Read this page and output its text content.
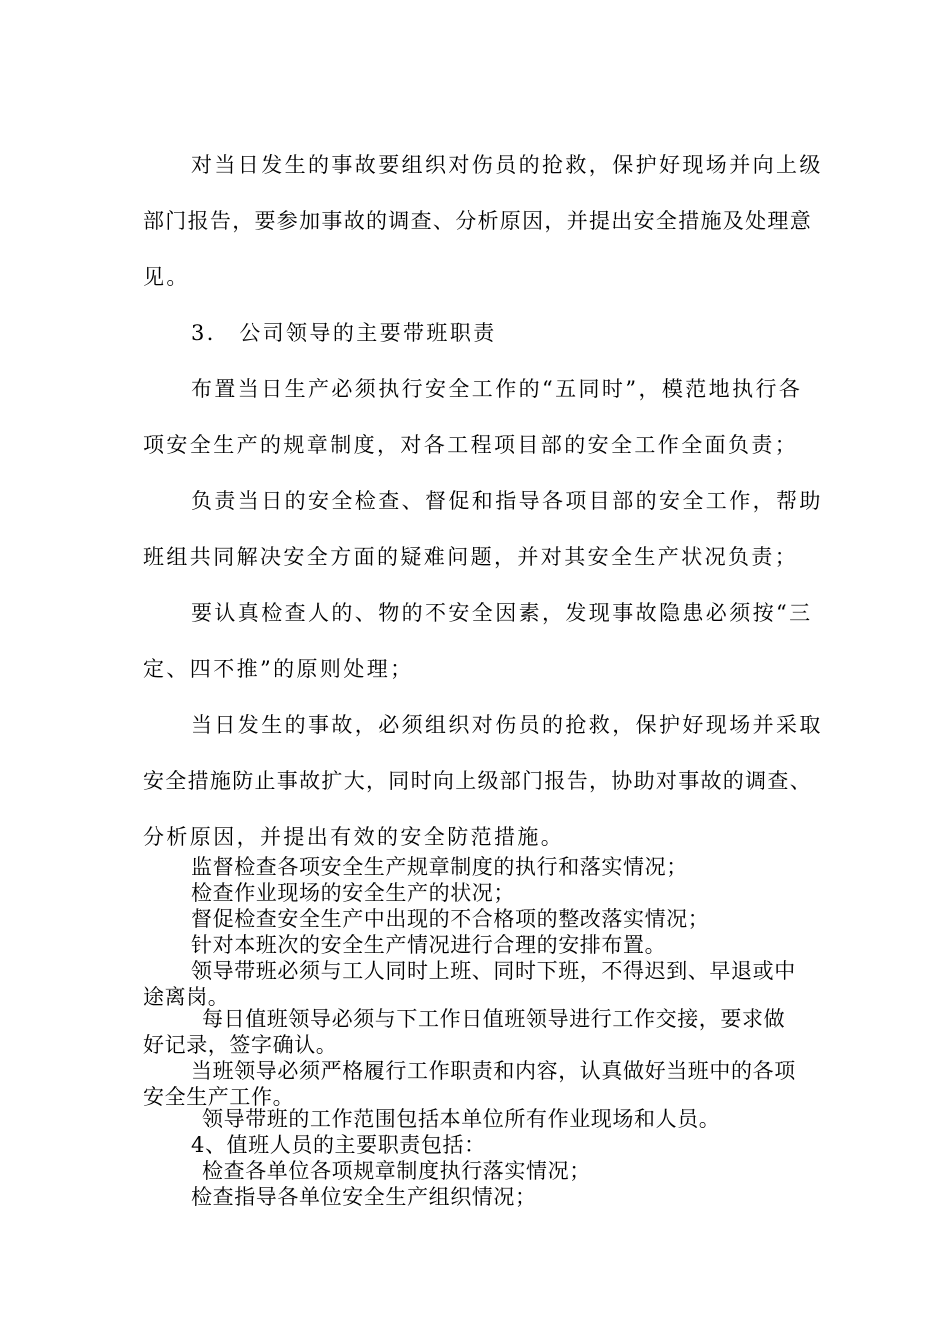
对当日发生的事故要组织对伤员的抢救，保护好现场并向上级

部门报告，要参加事故的调查、分析原因，并提出安全措施及处理意

见。

3． 公司领导的主要带班职责

布置当日生产必须执行安全工作的“五同时”，模范地执行各

项安全生产的规章制度，对各工程项目部的安全工作全面负责；

负责当日的安全检查、督促和指导各项目部的安全工作，帮助

班组共同解决安全方面的疑难问题，并对其安全生产状况负责；

要认真检查人的、物的不安全因素，发现事故隐患必须按“三

定、四不推”的原则处理；

当日发生的事故，必须组织对伤员的抢救，保护好现场并采取

安全措施防止事故扩大，同时向上级部门报告，协助对事故的调查、

分析原因，并提出有效的安全防范措施。

监督检查各项安全生产规章制度的执行和落实情况；

检查作业现场的安全生产的状况；

督促检查安全生产中出现的不合格项的整改落实情况；

针对本班次的安全生产情况进行合理的安排布置。

领导带班必须与工人同时上班、同时下班，不得迟到、早退或中

途离岗。

每日值班领导必须与下工作日值班领导进行工作交接，要求做

好记录，签字确认。

当班领导必须严格履行工作职责和内容，认真做好当班中的各项

安全生产工作。

领导带班的工作范围包括本单位所有作业现场和人员。

4、值班人员的主要职责包括：

检查各单位各项规章制度执行落实情况；

检查指导各单位安全生产组织情况；
